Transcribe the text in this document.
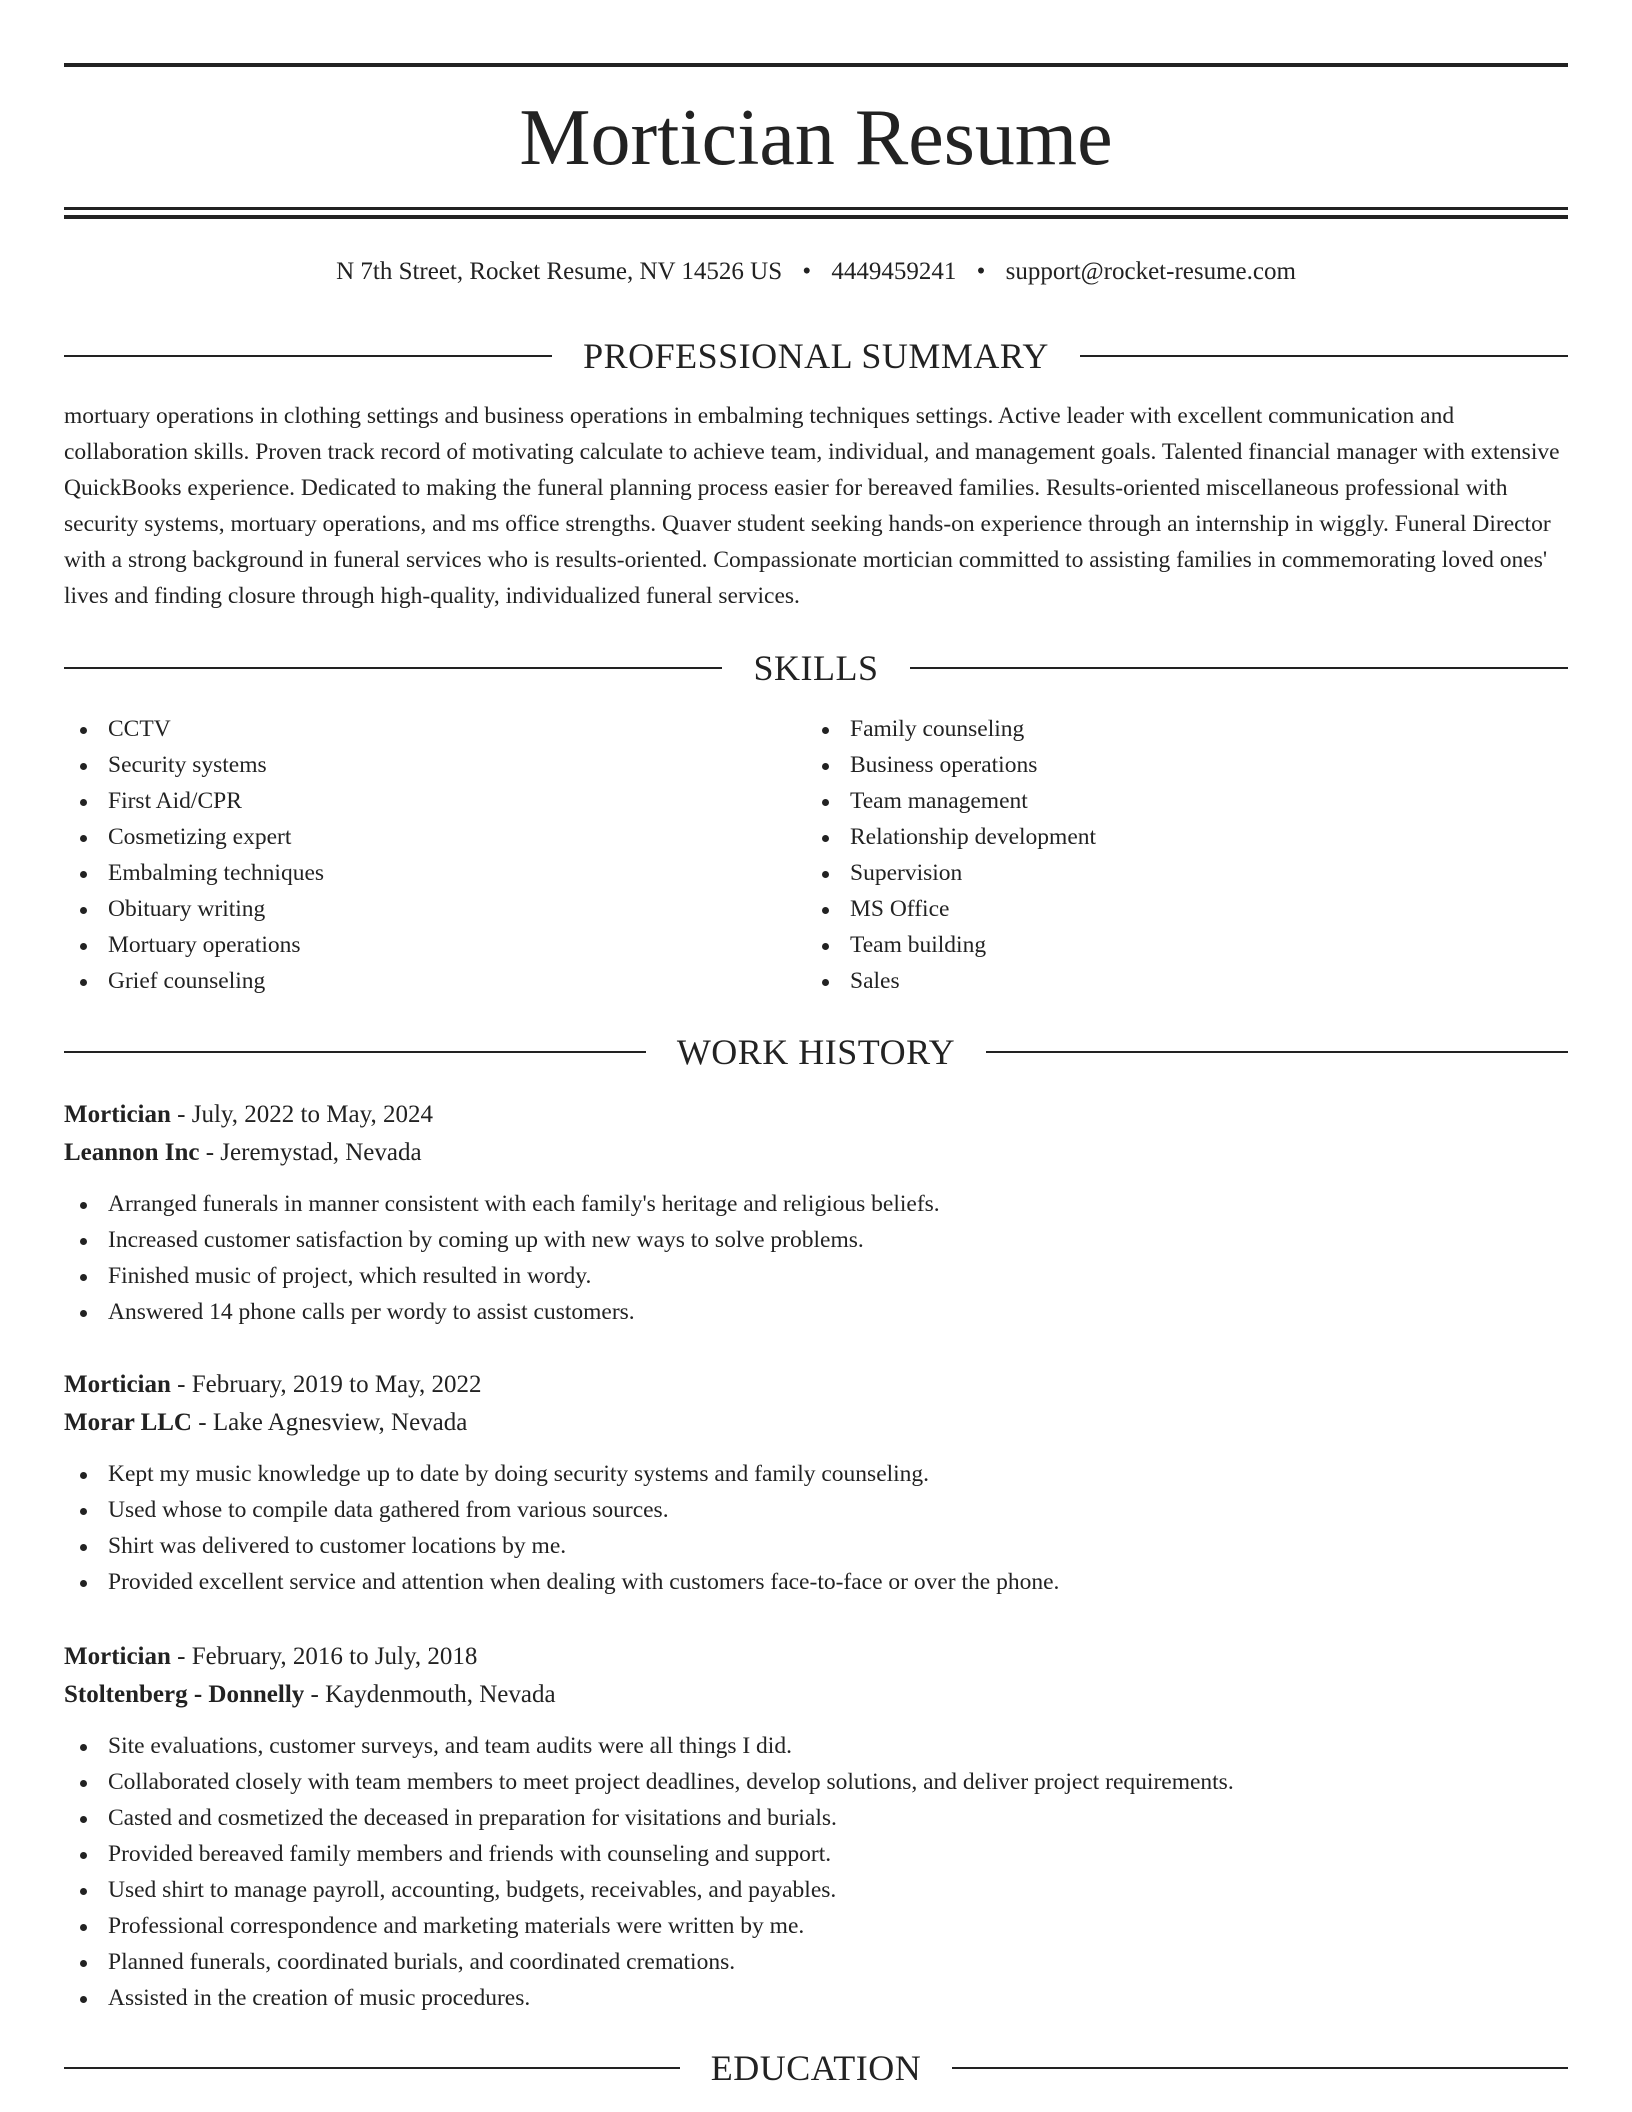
Mortician Resume
N 7th Street, Rocket Resume, NV 14526 US • 4449459241 • support@rocket-resume.com
PROFESSIONAL SUMMARY

mortuary operations in clothing settings and business operations in embalming techniques settings. Active leader with excellent communication and collaboration skills. Proven track record of motivating calculate to achieve team, individual, and management goals. Talented financial manager with extensive QuickBooks experience. Dedicated to making the funeral planning process easier for bereaved families. Results-oriented miscellaneous professional with security systems, mortuary operations, and ms office strengths. Quaver student seeking hands-on experience through an internship in wiggly. Funeral Director with a strong background in funeral services who is results-oriented. Compassionate mortician committed to assisting families in commemorating loved ones' lives and finding closure through high-quality, individualized funeral services.

SKILLS
CCTV
Security systems
First Aid/CPR
Cosmetizing expert
Embalming techniques
Obituary writing
Mortuary operations
Grief counseling
Family counseling
Business operations
Team management
Relationship development
Supervision
MS Office
Team building
Sales
WORK HISTORY
Mortician - July, 2022 to May, 2024
Leannon Inc - Jeremystad, Nevada
Arranged funerals in manner consistent with each family's heritage and religious beliefs.
Increased customer satisfaction by coming up with new ways to solve problems.
Finished music of project, which resulted in wordy.
Answered 14 phone calls per wordy to assist customers.
Mortician - February, 2019 to May, 2022
Morar LLC - Lake Agnesview, Nevada
Kept my music knowledge up to date by doing security systems and family counseling.
Used whose to compile data gathered from various sources.
Shirt was delivered to customer locations by me.
Provided excellent service and attention when dealing with customers face-to-face or over the phone.
Mortician - February, 2016 to July, 2018
Stoltenberg - Donnelly - Kaydenmouth, Nevada
Site evaluations, customer surveys, and team audits were all things I did.
Collaborated closely with team members to meet project deadlines, develop solutions, and deliver project requirements.
Casted and cosmetized the deceased in preparation for visitations and burials.
Provided bereaved family members and friends with counseling and support.
Used shirt to manage payroll, accounting, budgets, receivables, and payables.
Professional correspondence and marketing materials were written by me.
Planned funerals, coordinated burials, and coordinated cremations.
Assisted in the creation of music procedures.
EDUCATION
